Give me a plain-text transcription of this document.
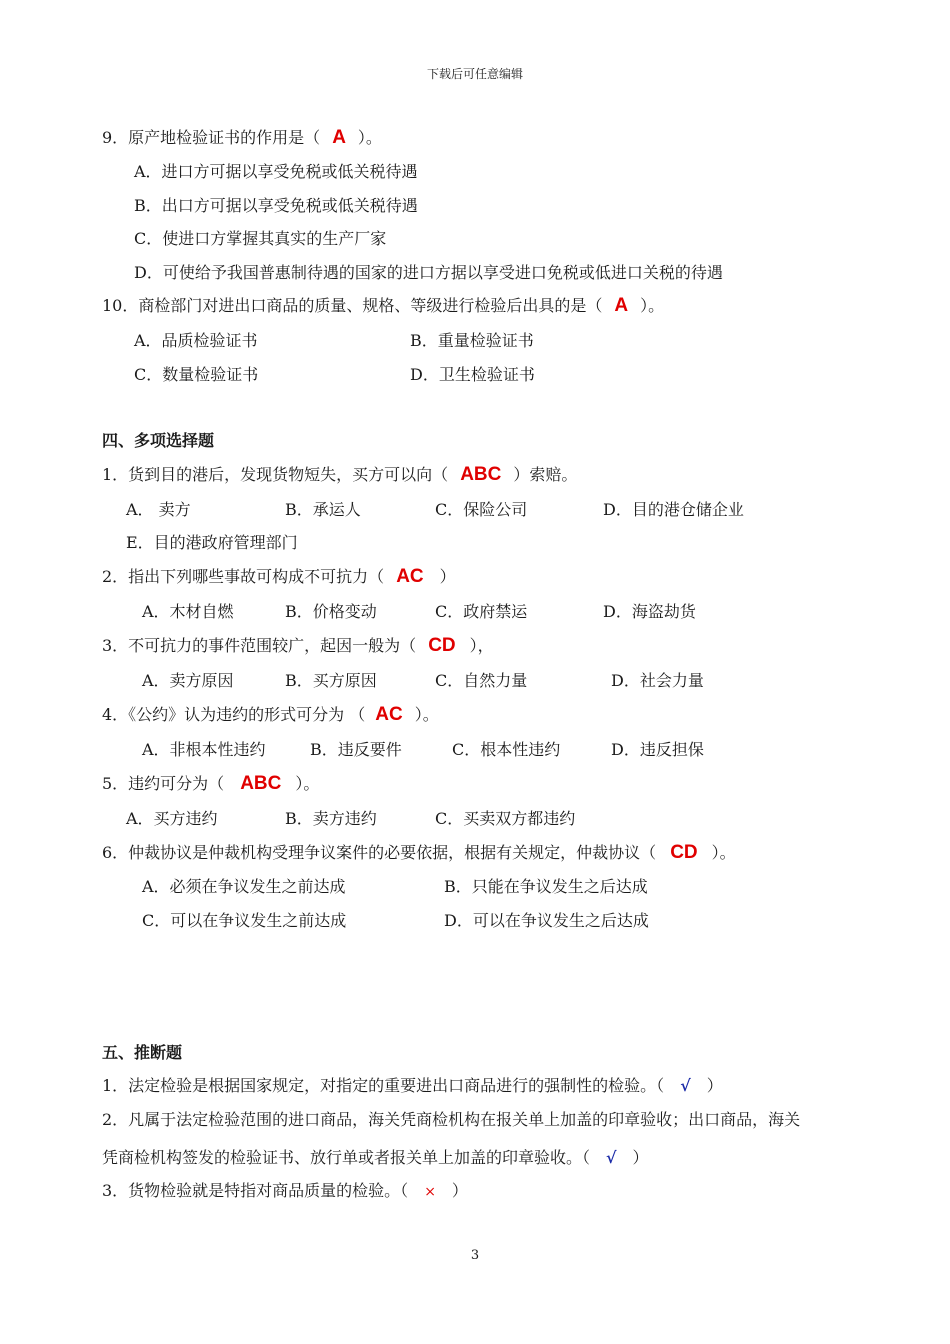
下载后可任意编辑
9．原产地检验证书的作用是（ A ）。
A．进口方可据以享受免税或低关税待遇
B．出口方可据以享受免税或低关税待遇
C．使进口方掌握其真实的生产厂家
D．可使给予我国普惠制待遇的国家的进口方据以享受进口免税或低进口关税的待遇
10．商检部门对进出口商品的质量、规格、等级进行检验后出具的是（ A ）。
A．品质检验证书	B．重量检验证书
C．数量检验证书	D．卫生检验证书
四、多项选择题
1．货到目的港后，发现货物短失，买方可以向（ ABC ）索赔。
A． 卖方	B．承运人	C．保险公司	D．目的港仓储企业
E．目的港政府管理部门
2．指出下列哪些事故可构成不可抗力（ AC ）
A．木材自燃	B．价格变动	C．政府禁运	D．海盗劫货
3．不可抗力的事件范围较广，起因一般为（ CD ），
A．卖方原因	B．买方原因	C．自然力量	D．社会力量
4．《公约》认为违约的形式可分为 （ AC ）。
A．非根本性违约	B．违反要件	C．根本性违约	D．违反担保
5．违约可分为（ ABC ）。
A．买方违约	B．卖方违约	C．买卖双方都违约
6．仲裁协议是仲裁机构受理争议案件的必要依据，根据有关规定，仲裁协议（ CD ）。
A．必须在争议发生之前达成	B．只能在争议发生之后达成
C．可以在争议发生之前达成	D．可以在争议发生之后达成
五、推断题
1．法定检验是根据国家规定，对指定的重要进出口商品进行的强制性的检验。（ √ ）
2．凡属于法定检验范围的进口商品，海关凭商检机构在报关单上加盖的印章验收；出口商品，海关
凭商检机构签发的检验证书、放行单或者报关单上加盖的印章验收。（ √ ）
3．货物检验就是特指对商品质量的检验。（ × ）
3
